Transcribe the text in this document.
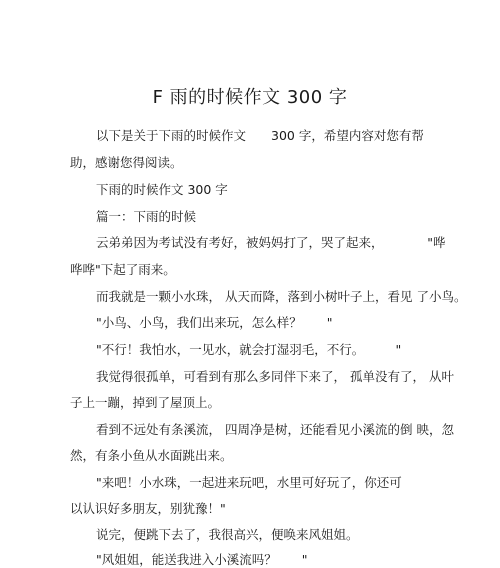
F 雨的时候作文 300 字
以下是关于下雨的时候作文　　300 字，希望内容对您有帮
助，感谢您得阅读。
下雨的时候作文 300 字
篇一：下雨的时候
云弟弟因为考试没有考好，被妈妈打了，哭了起来，　　　　"哗
哗哗"下起了雨来。
而我就是一颗小水珠， 从天而降，落到小树叶子上，看见 了小鸟。
"小鸟、小鸟，我们出来玩，怎么样？　　"
"不行！我怕水，一见水，就会打湿羽毛，不行。　　　"
我觉得很孤单，可看到有那么多同伴下来了， 孤单没有了， 从叶
子上一蹦，掉到了屋顶上。
看到不远处有条溪流， 四周净是树，还能看见小溪流的倒 映，忽
然，有条小鱼从水面跳出来。
"来吧！小水珠，一起进来玩吧，水里可好玩了，你还可
以认识好多朋友，别犹豫！"
说完，便跳下去了，我很高兴，便唤来风姐姐。
"风姐姐，能送我进入小溪流吗？　　"
